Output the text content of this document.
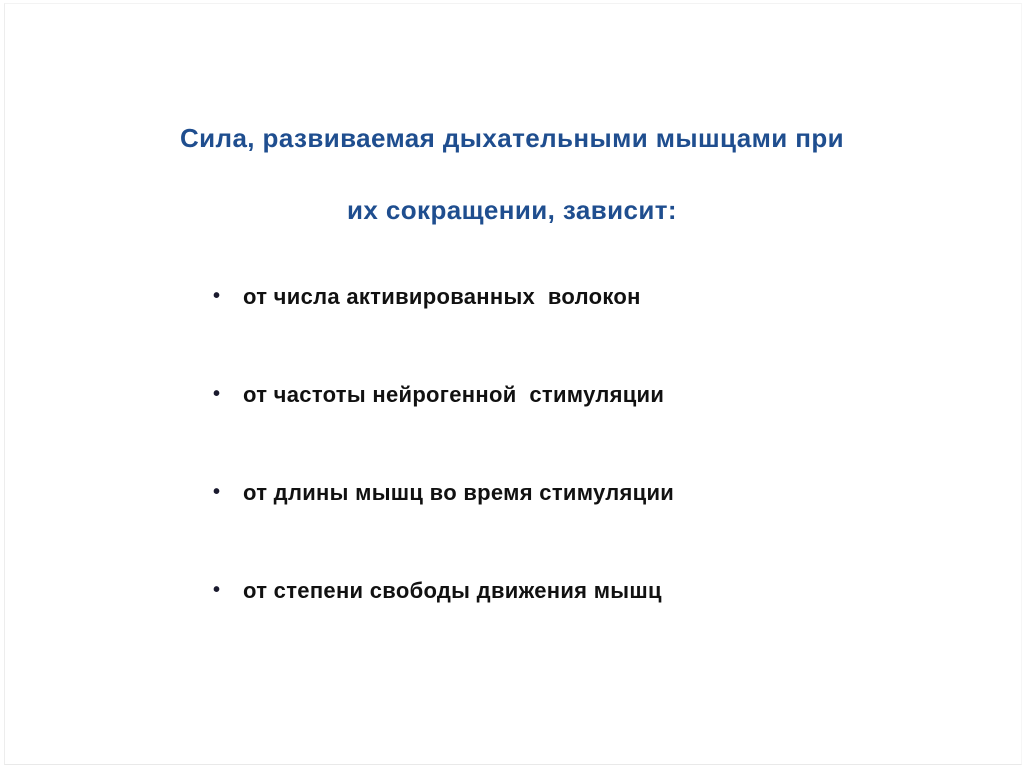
Сила, развиваемая дыхательными мышцами при
их сокращении, зависит:
•	от числа активированных  волокон
•	от частоты нейрогенной  стимуляции
•	от длины мышц во время стимуляции
•	от степени свободы движения мышц
